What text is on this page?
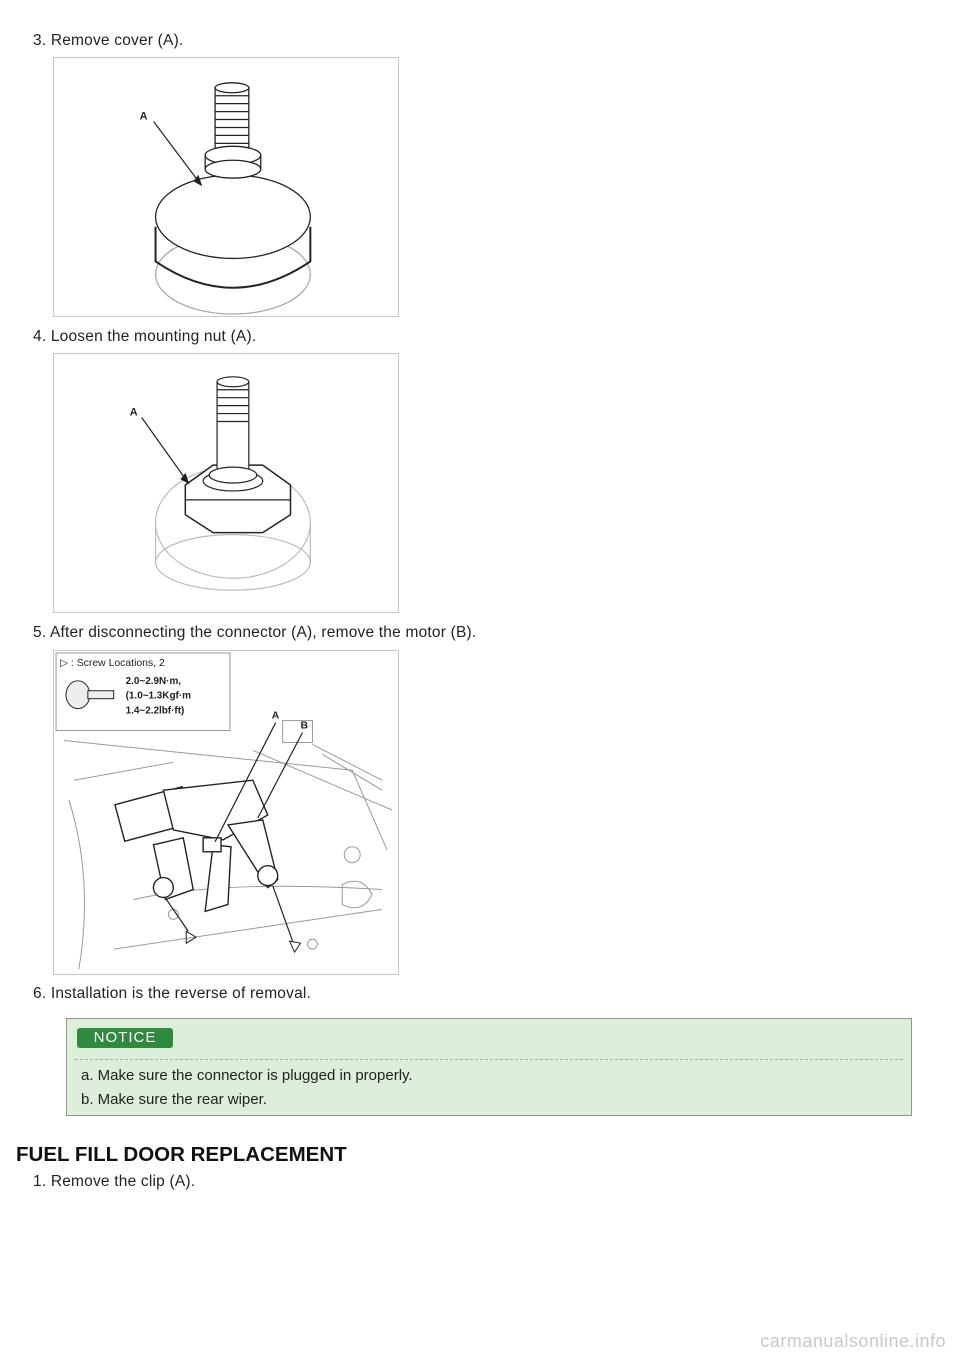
3. Remove cover (A).
A
4. Loosen the mounting nut (A).
A
5. After disconnecting the connector (A), remove the motor (B).
▷ : Screw Locations, 2
2.0~2.9N·m,
(1.0~1.3Kgf·m
1.4~2.2lbf·ft)	A
B
6. Installation is the reverse of removal.
NOTICE
a. Make sure the connector is plugged in properly.
b. Make sure the rear wiper.
FUEL FILL DOOR REPLACEMENT
1. Remove the clip (A).
carmanualsonline.info
